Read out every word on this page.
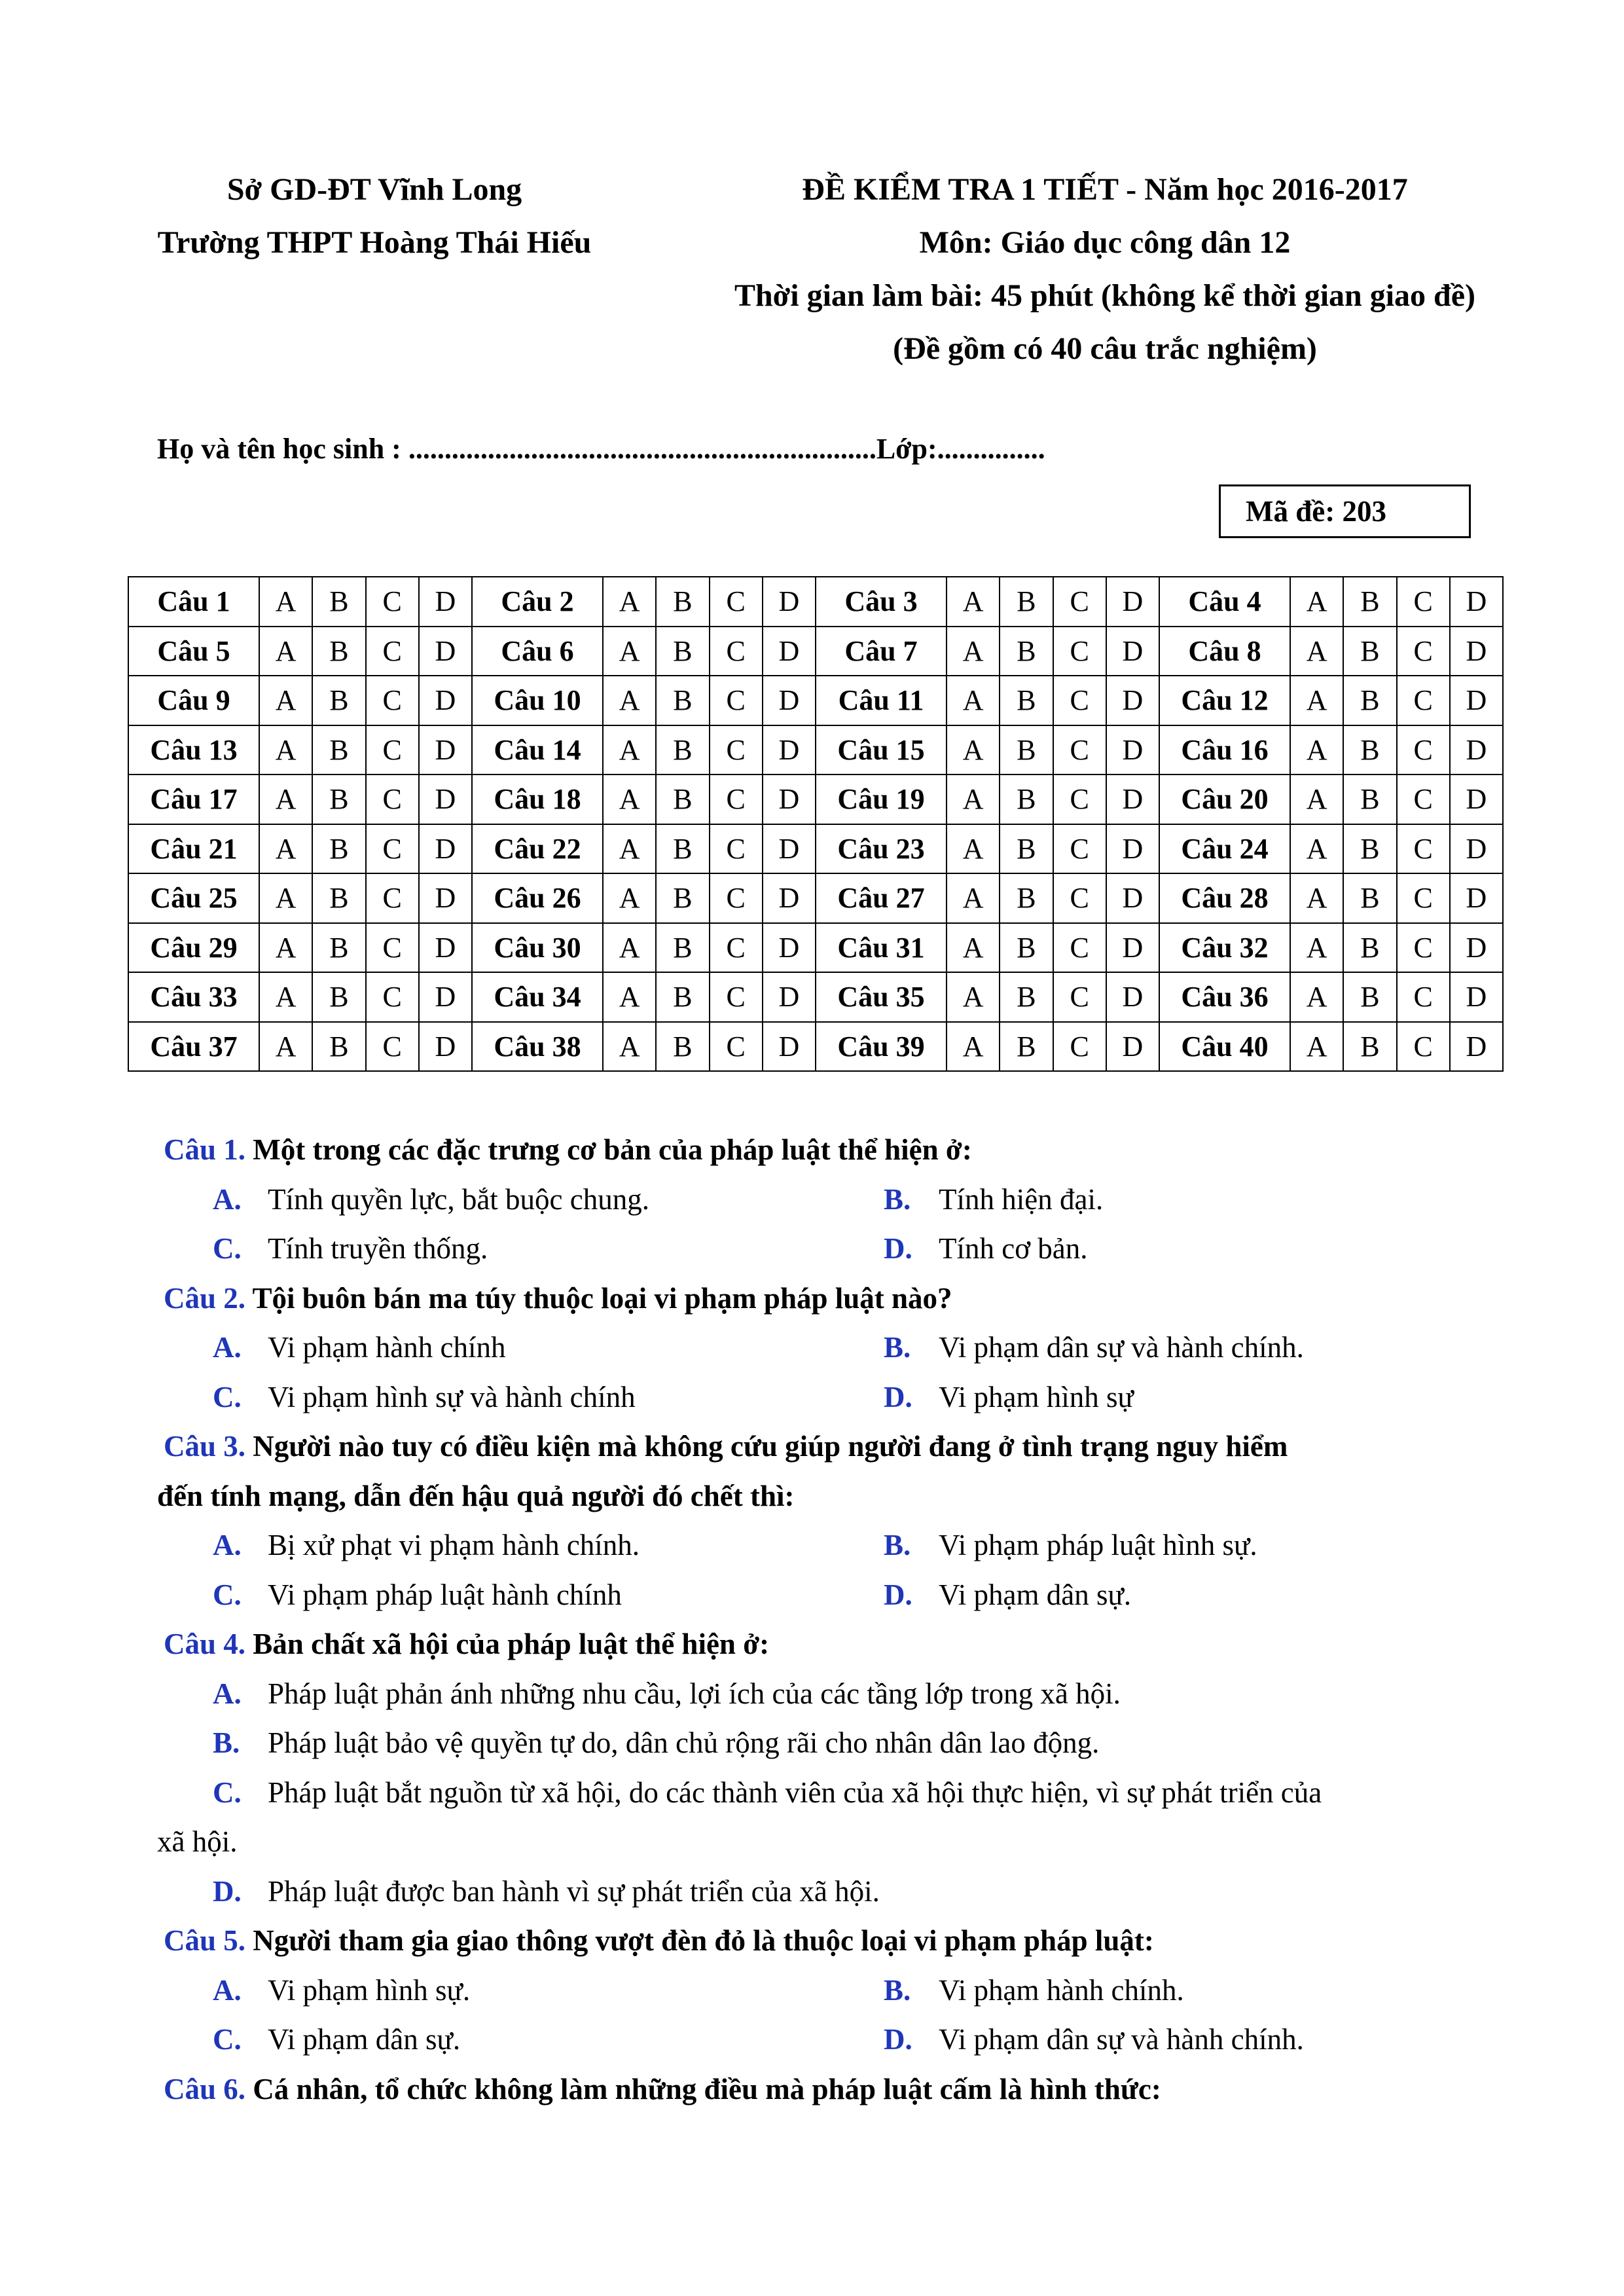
Sở GD-ĐT Vĩnh Long
Trường THPT Hoàng Thái Hiếu
ĐỀ KIỂM TRA 1 TIẾT - Năm học 2016-2017
Môn: Giáo dục công dân 12
Thời gian làm bài: 45 phút (không kể thời gian giao đề)
(Đề gồm có 40 câu trắc nghiệm)
Họ và tên học sinh : .................................................................Lớp:...............
Mã đề: 203
Câu 1	A	B	C	D	Câu 2	A	B	C	D	Câu 3	A	B	C	D	Câu 4	A	B	C	D
Câu 5	A	B	C	D	Câu 6	A	B	C	D	Câu 7	A	B	C	D	Câu 8	A	B	C	D
Câu 9	A	B	C	D	Câu 10	A	B	C	D	Câu 11	A	B	C	D	Câu 12	A	B	C	D
Câu 13	A	B	C	D	Câu 14	A	B	C	D	Câu 15	A	B	C	D	Câu 16	A	B	C	D
Câu 17	A	B	C	D	Câu 18	A	B	C	D	Câu 19	A	B	C	D	Câu 20	A	B	C	D
Câu 21	A	B	C	D	Câu 22	A	B	C	D	Câu 23	A	B	C	D	Câu 24	A	B	C	D
Câu 25	A	B	C	D	Câu 26	A	B	C	D	Câu 27	A	B	C	D	Câu 28	A	B	C	D
Câu 29	A	B	C	D	Câu 30	A	B	C	D	Câu 31	A	B	C	D	Câu 32	A	B	C	D
Câu 33	A	B	C	D	Câu 34	A	B	C	D	Câu 35	A	B	C	D	Câu 36	A	B	C	D
Câu 37	A	B	C	D	Câu 38	A	B	C	D	Câu 39	A	B	C	D	Câu 40	A	B	C	D
Câu 1. Một trong các đặc trưng cơ bản của pháp luật thể hiện ở:
A. Tính quyền lực, bắt buộc chung.	B. Tính hiện đại.
C. Tính truyền thống.	D. Tính cơ bản.
Câu 2. Tội buôn bán ma túy thuộc loại vi phạm pháp luật nào?
A. Vi phạm hành chính	B. Vi phạm dân sự và hành chính.
C. Vi phạm hình sự và hành chính	D. Vi phạm hình sự
Câu 3. Người nào tuy có điều kiện mà không cứu giúp người đang ở tình trạng nguy hiểm
đến tính mạng, dẫn đến hậu quả người đó chết thì:
A. Bị xử phạt vi phạm hành chính.	B. Vi phạm pháp luật hình sự.
C. Vi phạm pháp luật hành chính	D. Vi phạm dân sự.
Câu 4. Bản chất xã hội của pháp luật thể hiện ở:
A. Pháp luật phản ánh những nhu cầu, lợi ích của các tầng lớp trong xã hội.
B. Pháp luật bảo vệ quyền tự do, dân chủ rộng rãi cho nhân dân lao động.
C. Pháp luật bắt nguồn từ xã hội, do các thành viên của xã hội thực hiện, vì sự phát triển của
xã hội.
D. Pháp luật được ban hành vì sự phát triển của xã hội.
Câu 5. Người tham gia giao thông vượt đèn đỏ là thuộc loại vi phạm pháp luật:
A. Vi phạm hình sự.	B. Vi phạm hành chính.
C. Vi phạm dân sự.	D. Vi phạm dân sự và hành chính.
Câu 6. Cá nhân, tổ chức không làm những điều mà pháp luật cấm là hình thức:
